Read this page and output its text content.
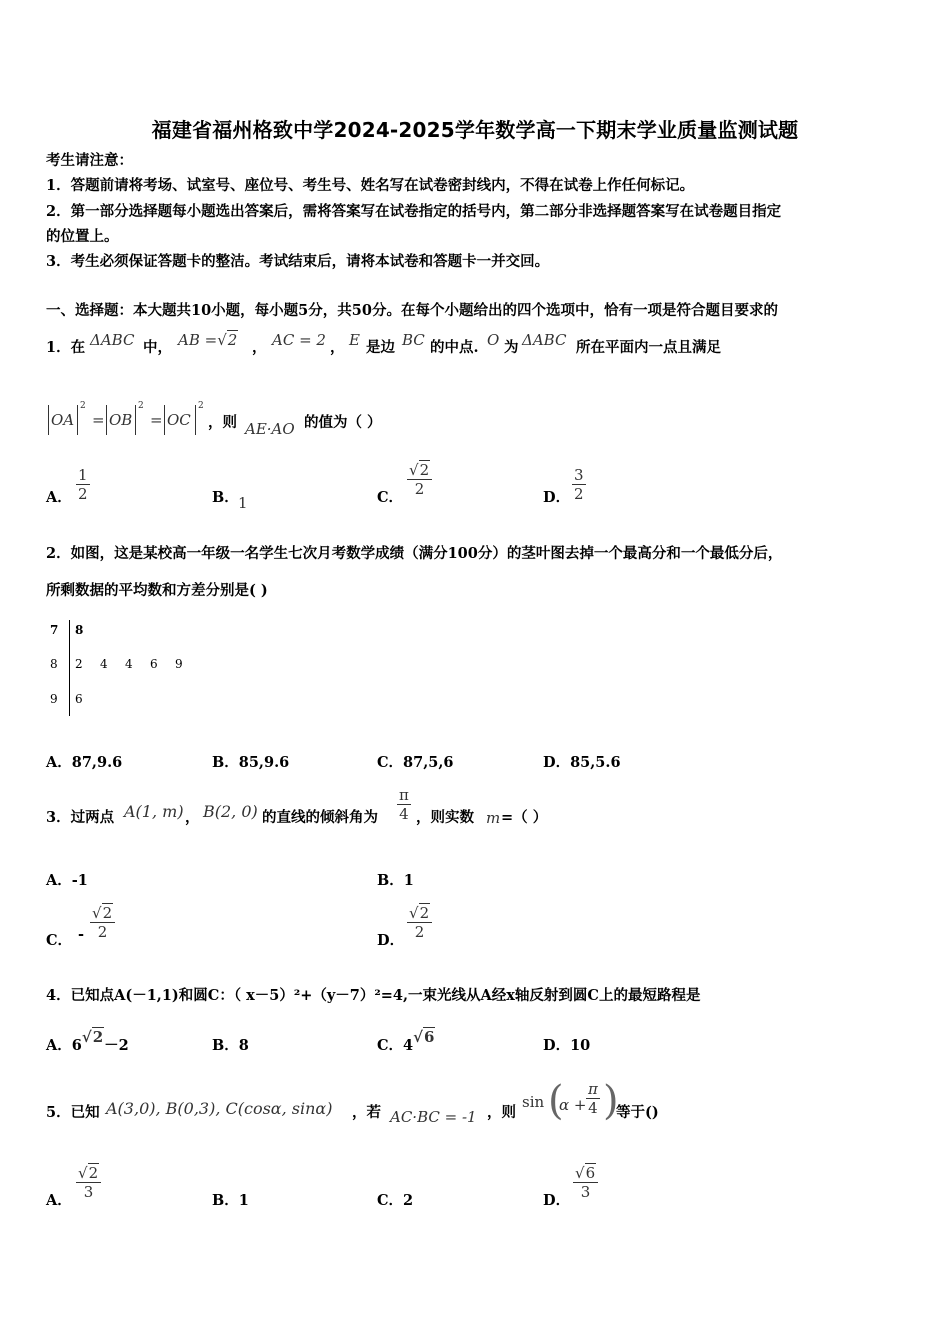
福建省福州格致中学2024-2025学年数学高一下期末学业质量监测试题
考生请注意：
1．答题前请将考场、试室号、座位号、考生号、姓名写在试卷密封线内，不得在试卷上作任何标记。
2．第一部分选择题每小题选出答案后，需将答案写在试卷指定的括号内，第二部分非选择题答案写在试卷题目指定
的位置上。
3．考生必须保证答题卡的整洁。考试结束后，请将本试卷和答题卡一并交回。
一、选择题：本大题共10小题，每小题5分，共50分。在每个小题给出的四个选项中，恰有一项是符合题目要求的
1．在 ΔABC 中， AB =√2 ， AC = 2 ， E 是边 BC 的中点. O 为 ΔABC 所在平面内一点且满足
OA
2
= OB
2
= OC
2
，则 AE·AO 的值为（ ）
A． $\frac{1}{2}$	B． 1	C． $\frac{√2}{2}$	D． $\frac{3}{2}$
2．如图，这是某校高一年级一名学生七次月考数学成绩（满分100分）的茎叶图去掉一个最高分和一个最低分后，
所剩数据的平均数和方差分别是( )
7 8
8 2 4 4 6 9
9 6
A．87,9.6	B．85,9.6	C．87,5,6	D．85,5.6
3．过两点 A(1, m) ， B(2, 0) 的直线的倾斜角为 $\frac{\pi}{4}$ ，则实数 m =（ ）
A．-1	B．1
C． - $\frac{√2}{2}$	D． $\frac{√2}{2}$
4．已知点A(－1,1)和圆C：（ x－5）²+（y－7）²=4,一束光线从A经x轴反射到圆C上的最短路程是
A．6√2－2	B．8	C．4√6	D．10
5．已知 A(3,0), B(0,3), C(cosα, sinα) ，若 AC·BC = -1 ，则
sin (
$\alpha + \frac{\pi}{4}$ )
等于()
A． $\frac{√2}{3}$	B．1	C．2	D． $\frac{√6}{3}$
